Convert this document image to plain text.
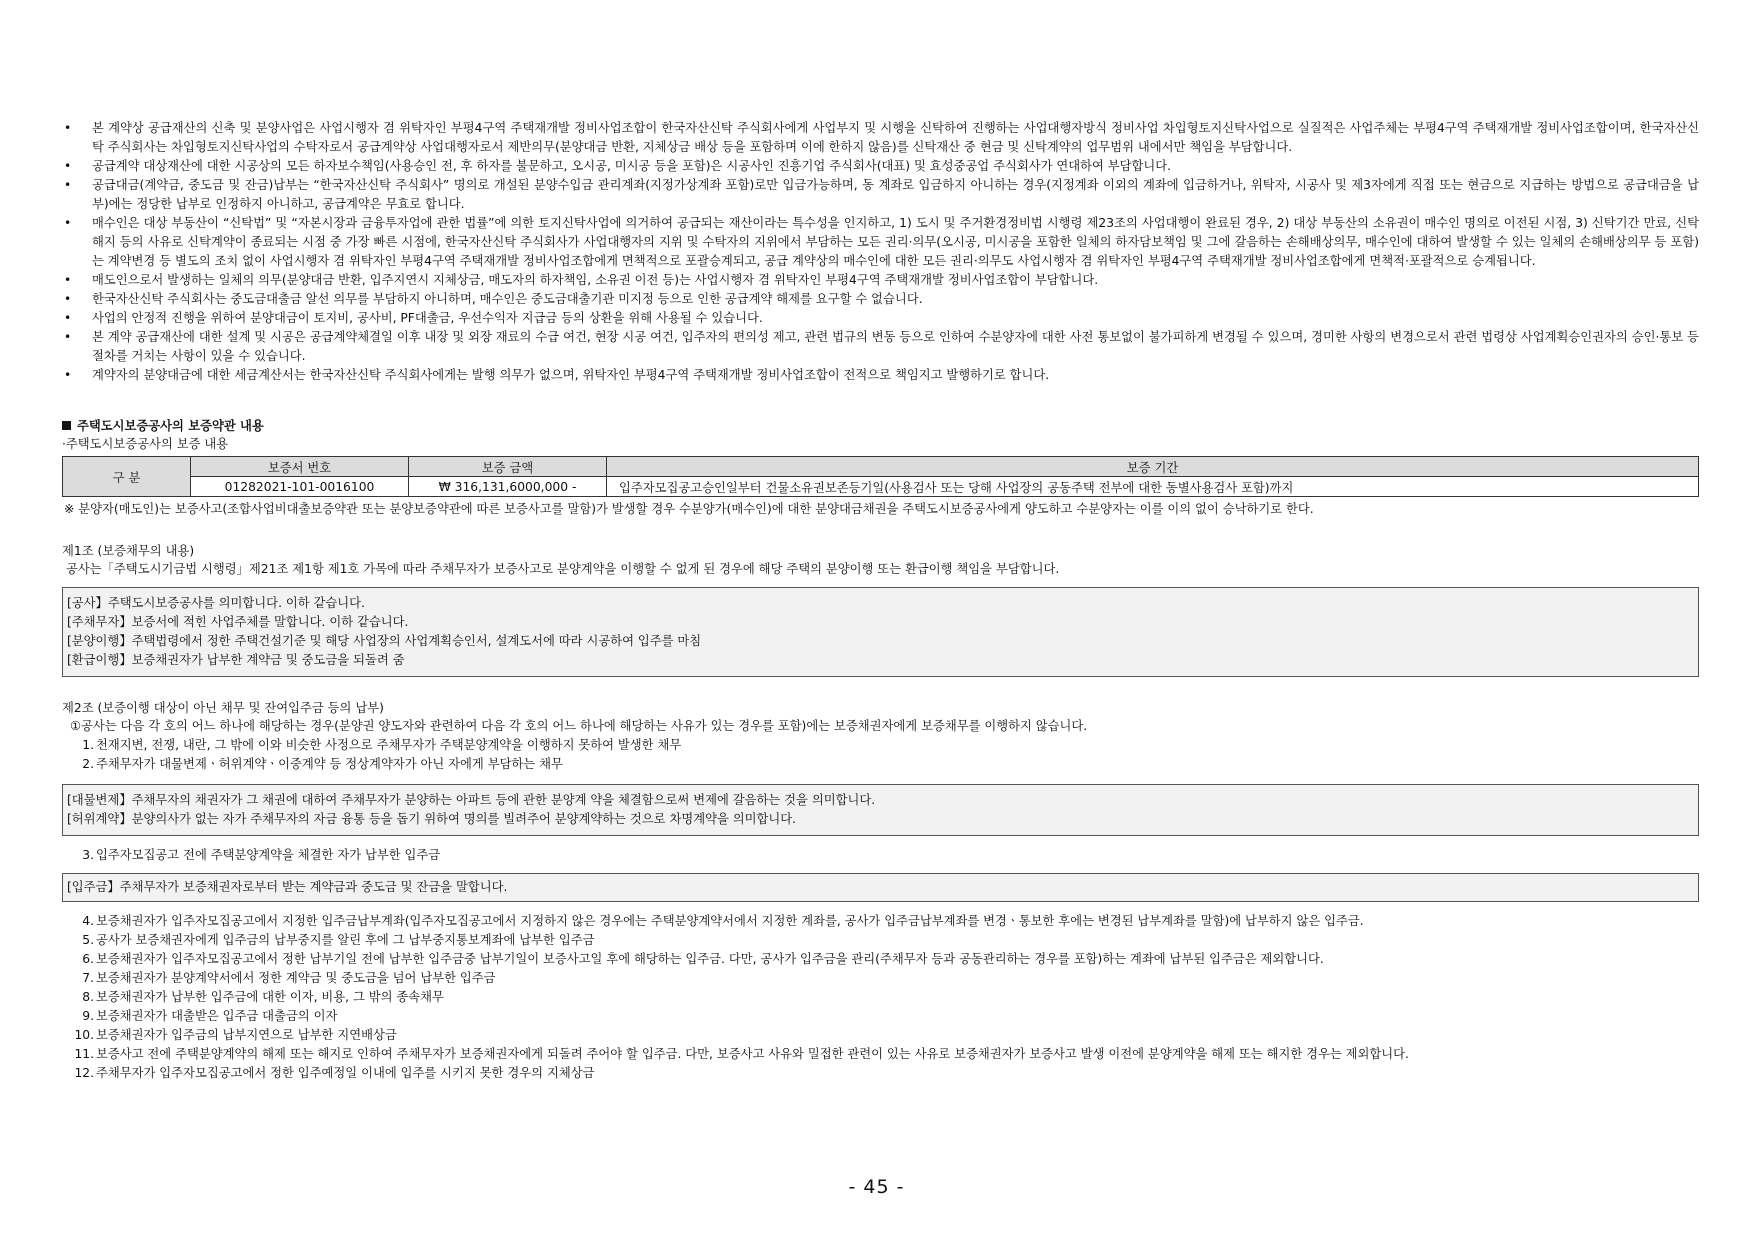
• 본 계약상 공급재산의 신축 및 분양사업은 사업시행자 겸 위탁자인 부평4구역 주택재개발 정비사업조합이 한국자산신탁 주식회사에게 사업부지 및 시행을 신탁하여 진행하는 사업대행자방식 정비사업 차입형토지신탁사업으로 실질적은 사업주체는 부평4구역 주택재개발 정비사업조합이며, 한국자산신탁 주식회사는 차입형토지신탁사업의 수탁자로서 공급계약상 사업대행자로서 제반의무(분양대금 반환, 지체상금 배상 등을 포함하며 이에 한하지 않음)를 신탁재산 중 현금 및 신탁계약의 업무범위 내에서만 책임을 부담합니다.
• 공급계약 대상재산에 대한 시공상의 모든 하자보수책임(사용승인 전, 후 하자를 불문하고, 오시공, 미시공 등을 포함)은 시공사인 진흥기업 주식회사(대표) 및 효성중공업 주식회사가 연대하여 부담합니다.
• 공급대금(계약금, 중도금 및 잔금)납부는 “한국자산신탁 주식회사” 명의로 개설된 분양수입금 관리계좌(지정가상계좌 포함)로만 입금가능하며, 동 계좌로 입금하지 아니하는 경우(지정계좌 이외의 계좌에 입금하거나, 위탁자, 시공사 및 제3자에게 직접 또는 현금으로 지급하는 방법으로 공급대금을 납부)에는 정당한 납부로 인정하지 아니하고, 공급계약은 무효로 합니다.
• 매수인은 대상 부동산이 “신탁법” 및 “자본시장과 금융투자업에 관한 법률”에 의한 토지신탁사업에 의거하여 공급되는 재산이라는 특수성을 인지하고, 1) 도시 및 주거환경정비법 시행령 제23조의 사업대행이 완료된 경우, 2) 대상 부동산의 소유권이 매수인 명의로 이전된 시점, 3) 신탁기간 만료, 신탁해지 등의 사유로 신탁계약이 종료되는 시점 중 가장 빠른 시점에, 한국자산신탁 주식회사가 사업대행자의 지위 및 수탁자의 지위에서 부담하는 모든 권리·의무(오시공, 미시공을 포함한 일체의 하자담보책임 및 그에 갈음하는 손해배상의무, 매수인에 대하여 발생할 수 있는 일체의 손해배상의무 등 포함)는 계약변경 등 별도의 조치 없이 사업시행자 겸 위탁자인 부평4구역 주택재개발 정비사업조합에게 면책적으로 포괄승계되고, 공급 계약상의 매수인에 대한 모든 권리·의무도 사업시행자 겸 위탁자인 부평4구역 주택재개발 정비사업조합에게 면책적·포괄적으로 승계됩니다.
• 매도인으로서 발생하는 일체의 의무(분양대금 반환, 입주지연시 지체상금, 매도자의 하자책임, 소유권 이전 등)는 사업시행자 겸 위탁자인 부평4구역 주택재개발 정비사업조합이 부담합니다.
• 한국자산신탁 주식회사는 중도금대출금 알선 의무를 부담하지 아니하며, 매수인은 중도금대출기관 미지정 등으로 인한 공급계약 해제를 요구할 수 없습니다.
• 사업의 안정적 진행을 위하여 분양대금이 토지비, 공사비, PF대출금, 우선수익자 지급금 등의 상환을 위해 사용될 수 있습니다.
• 본 계약 공급재산에 대한 설계 및 시공은 공급계약체결일 이후 내장 및 외장 재료의 수급 여건, 현장 시공 여건, 입주자의 편의성 제고, 관련 법규의 변동 등으로 인하여 수분양자에 대한 사전 통보없이 불가피하게 변경될 수 있으며, 경미한 사항의 변경으로서 관련 법령상 사업계획승인권자의 승인·통보 등 절차를 거치는 사항이 있을 수 있습니다.
• 계약자의 분양대금에 대한 세금계산서는 한국자산신탁 주식회사에게는 발행 의무가 없으며, 위탁자인 부평4구역 주택재개발 정비사업조합이 전적으로 책임지고 발행하기로 합니다.
주택도시보증공사의 보증약관 내용
·주택도시보증공사의 보증 내용
구 분	보증서 번호	보증 금액	보증 기간
	01282021-101-0016100	₩ 316,131,6000,000 -	입주자모집공고승인일부터 건물소유권보존등기일(사용검사 또는 당해 사업장의 공동주택 전부에 대한 동별사용검사 포함)까지
※ 분양자(매도인)는 보증사고(조합사업비대출보증약관 또는 분양보증약관에 따른 보증사고를 말함)가 발생할 경우 수분양가(매수인)에 대한 분양대금채권을 주택도시보증공사에게 양도하고 수분양자는 이를 이의 없이 승낙하기로 한다.
제1조 (보증채무의 내용)
공사는「주택도시기금법 시행령」제21조 제1항 제1호 가목에 따라 주채무자가 보증사고로 분양계약을 이행할 수 없게 된 경우에 해당 주택의 분양이행 또는 환급이행 책임을 부담합니다.
[공사】주택도시보증공사를 의미합니다. 이하 같습니다.
[주채무자】보증서에 적힌 사업주체를 말합니다. 이하 같습니다.
[분양이행】주택법령에서 정한 주택건설기준 및 해당 사업장의 사업계획승인서, 설계도서에 따라 시공하여 입주를 마침
[환급이행】보증채권자가 납부한 계약금 및 중도금을 되돌려 줌
제2조 (보증이행 대상이 아닌 채무 및 잔여입주금 등의 납부)
①공사는 다음 각 호의 어느 하나에 해당하는 경우(분양권 양도자와 관련하여 다음 각 호의 어느 하나에 해당하는 사유가 있는 경우를 포함)에는 보증채권자에게 보증채무를 이행하지 않습니다.
1. 천재지변, 전쟁, 내란, 그 밖에 이와 비슷한 사정으로 주채무자가 주택분양계약을 이행하지 못하여 발생한 채무
2. 주채무자가 대물변제ㆍ허위계약ㆍ이중계약 등 정상계약자가 아닌 자에게 부담하는 채무
[대물변제】주채무자의 채권자가 그 채권에 대하여 주채무자가 분양하는 아파트 등에 관한 분양계 약을 체결함으로써 변제에 갈음하는 것을 의미합니다.
[허위계약】분양의사가 없는 자가 주채무자의 자금 융통 등을 돕기 위하여 명의를 빌려주어 분양계약하는 것으로 차명계약을 의미합니다.
3. 입주자모집공고 전에 주택분양계약을 체결한 자가 납부한 입주금
[입주금】주채무자가 보증채권자로부터 받는 계약금과 중도금 및 잔금을 말합니다.
4. 보증채권자가 입주자모집공고에서 지정한 입주금납부계좌(입주자모집공고에서 지정하지 않은 경우에는 주택분양계약서에서 지정한 계좌를, 공사가 입주금납부계좌를 변경ㆍ통보한 후에는 변경된 납부계좌를 말함)에 납부하지 않은 입주금.
5. 공사가 보증채권자에게 입주금의 납부중지를 알린 후에 그 납부중지통보계좌에 납부한 입주금
6. 보증채권자가 입주자모집공고에서 정한 납부기일 전에 납부한 입주금중 납부기일이 보증사고일 후에 해당하는 입주금. 다만, 공사가 입주금을 관리(주채무자 등과 공동관리하는 경우를 포함)하는 계좌에 납부된 입주금은 제외합니다.
7. 보증채권자가 분양계약서에서 정한 계약금 및 중도금을 넘어 납부한 입주금
8. 보증채권자가 납부한 입주금에 대한 이자, 비용, 그 밖의 종속채무
9. 보증채권자가 대출받은 입주금 대출금의 이자
10. 보증채권자가 입주금의 납부지연으로 납부한 지연배상금
11. 보증사고 전에 주택분양계약의 해제 또는 해지로 인하여 주채무자가 보증채권자에게 되돌려 주어야 할 입주금. 다만, 보증사고 사유와 밀접한 관련이 있는 사유로 보증채권자가 보증사고 발생 이전에 분양계약을 해제 또는 해지한 경우는 제외합니다.
12. 주채무자가 입주자모집공고에서 정한 입주예정일 이내에 입주를 시키지 못한 경우의 지체상금
- 45 -
